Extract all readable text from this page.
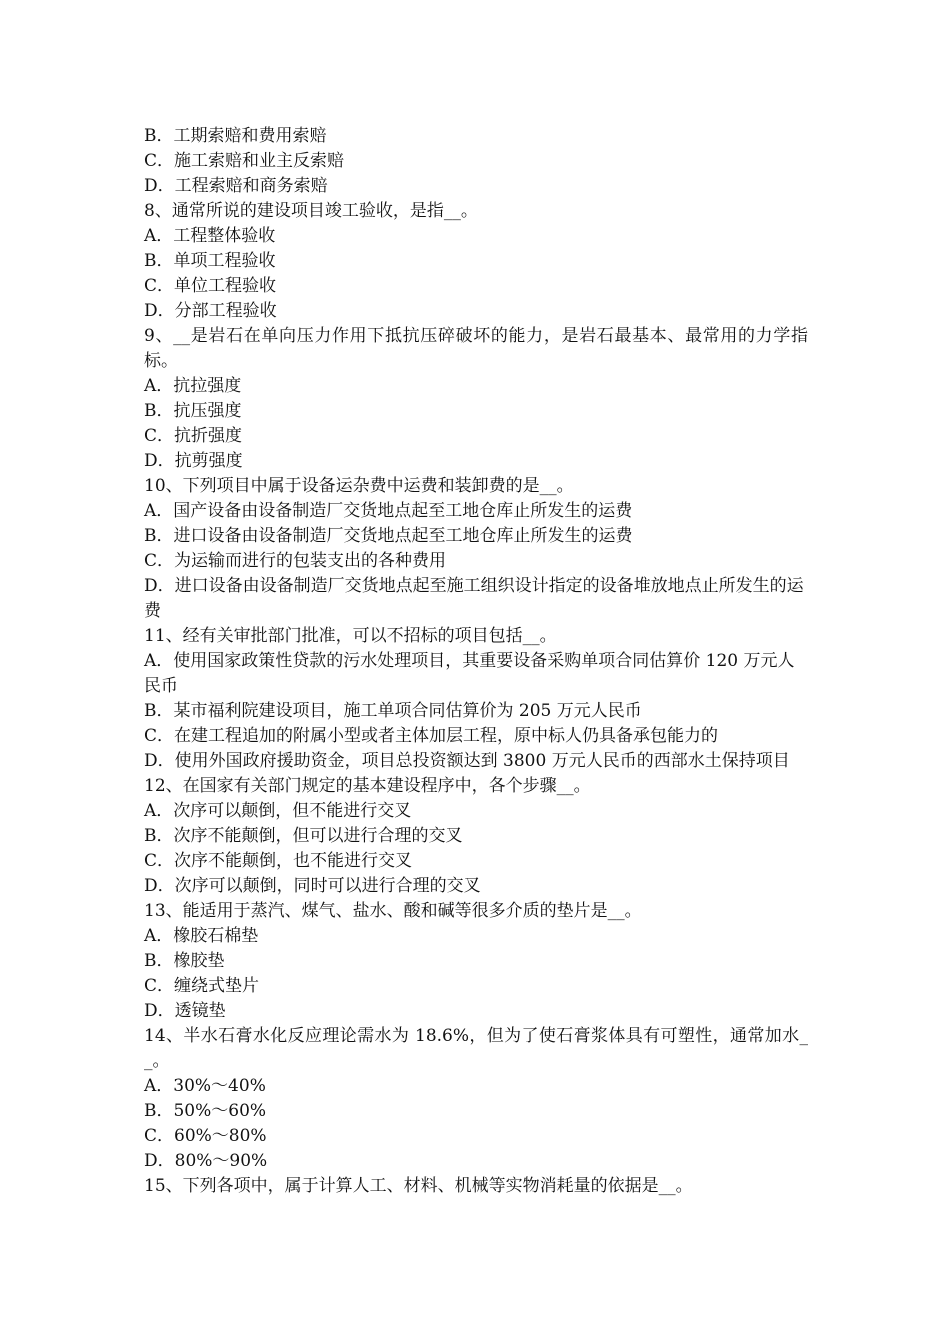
B．工期索赔和费用索赔

C．施工索赔和业主反索赔

D．工程索赔和商务索赔

8、通常所说的建设项目竣工验收，是指__。

A．工程整体验收

B．单项工程验收

C．单位工程验收

D．分部工程验收

9、__是岩石在单向压力作用下抵抗压碎破坏的能力，是岩石最基本、最常用的力学指标。

A．抗拉强度

B．抗压强度

C．抗折强度

D．抗剪强度

10、下列项目中属于设备运杂费中运费和装卸费的是__。

A．国产设备由设备制造厂交货地点起至工地仓库止所发生的运费

B．进口设备由设备制造厂交货地点起至工地仓库止所发生的运费

C．为运输而进行的包装支出的各种费用

D．进口设备由设备制造厂交货地点起至施工组织设计指定的设备堆放地点止所发生的运费

11、经有关审批部门批准，可以不招标的项目包括__。

A．使用国家政策性贷款的污水处理项目，其重要设备采购单项合同估算价 120 万元人民币

B．某市福利院建设项目，施工单项合同估算价为 205 万元人民币

C．在建工程追加的附属小型或者主体加层工程，原中标人仍具备承包能力的

D．使用外国政府援助资金，项目总投资额达到 3800 万元人民币的西部水土保持项目

12、在国家有关部门规定的基本建设程序中，各个步骤__。

A．次序可以颠倒，但不能进行交叉

B．次序不能颠倒，但可以进行合理的交叉

C．次序不能颠倒，也不能进行交叉

D．次序可以颠倒，同时可以进行合理的交叉

13、能适用于蒸汽、煤气、盐水、酸和碱等很多介质的垫片是__。

A．橡胶石棉垫

B．橡胶垫

C．缠绕式垫片

D．透镜垫

14、半水石膏水化反应理论需水为 18.6%，但为了使石膏浆体具有可塑性，通常加水__。

A．30%～40%

B．50%～60%

C．60%～80%

D．80%～90%

15、下列各项中，属于计算人工、材料、机械等实物消耗量的依据是__。
